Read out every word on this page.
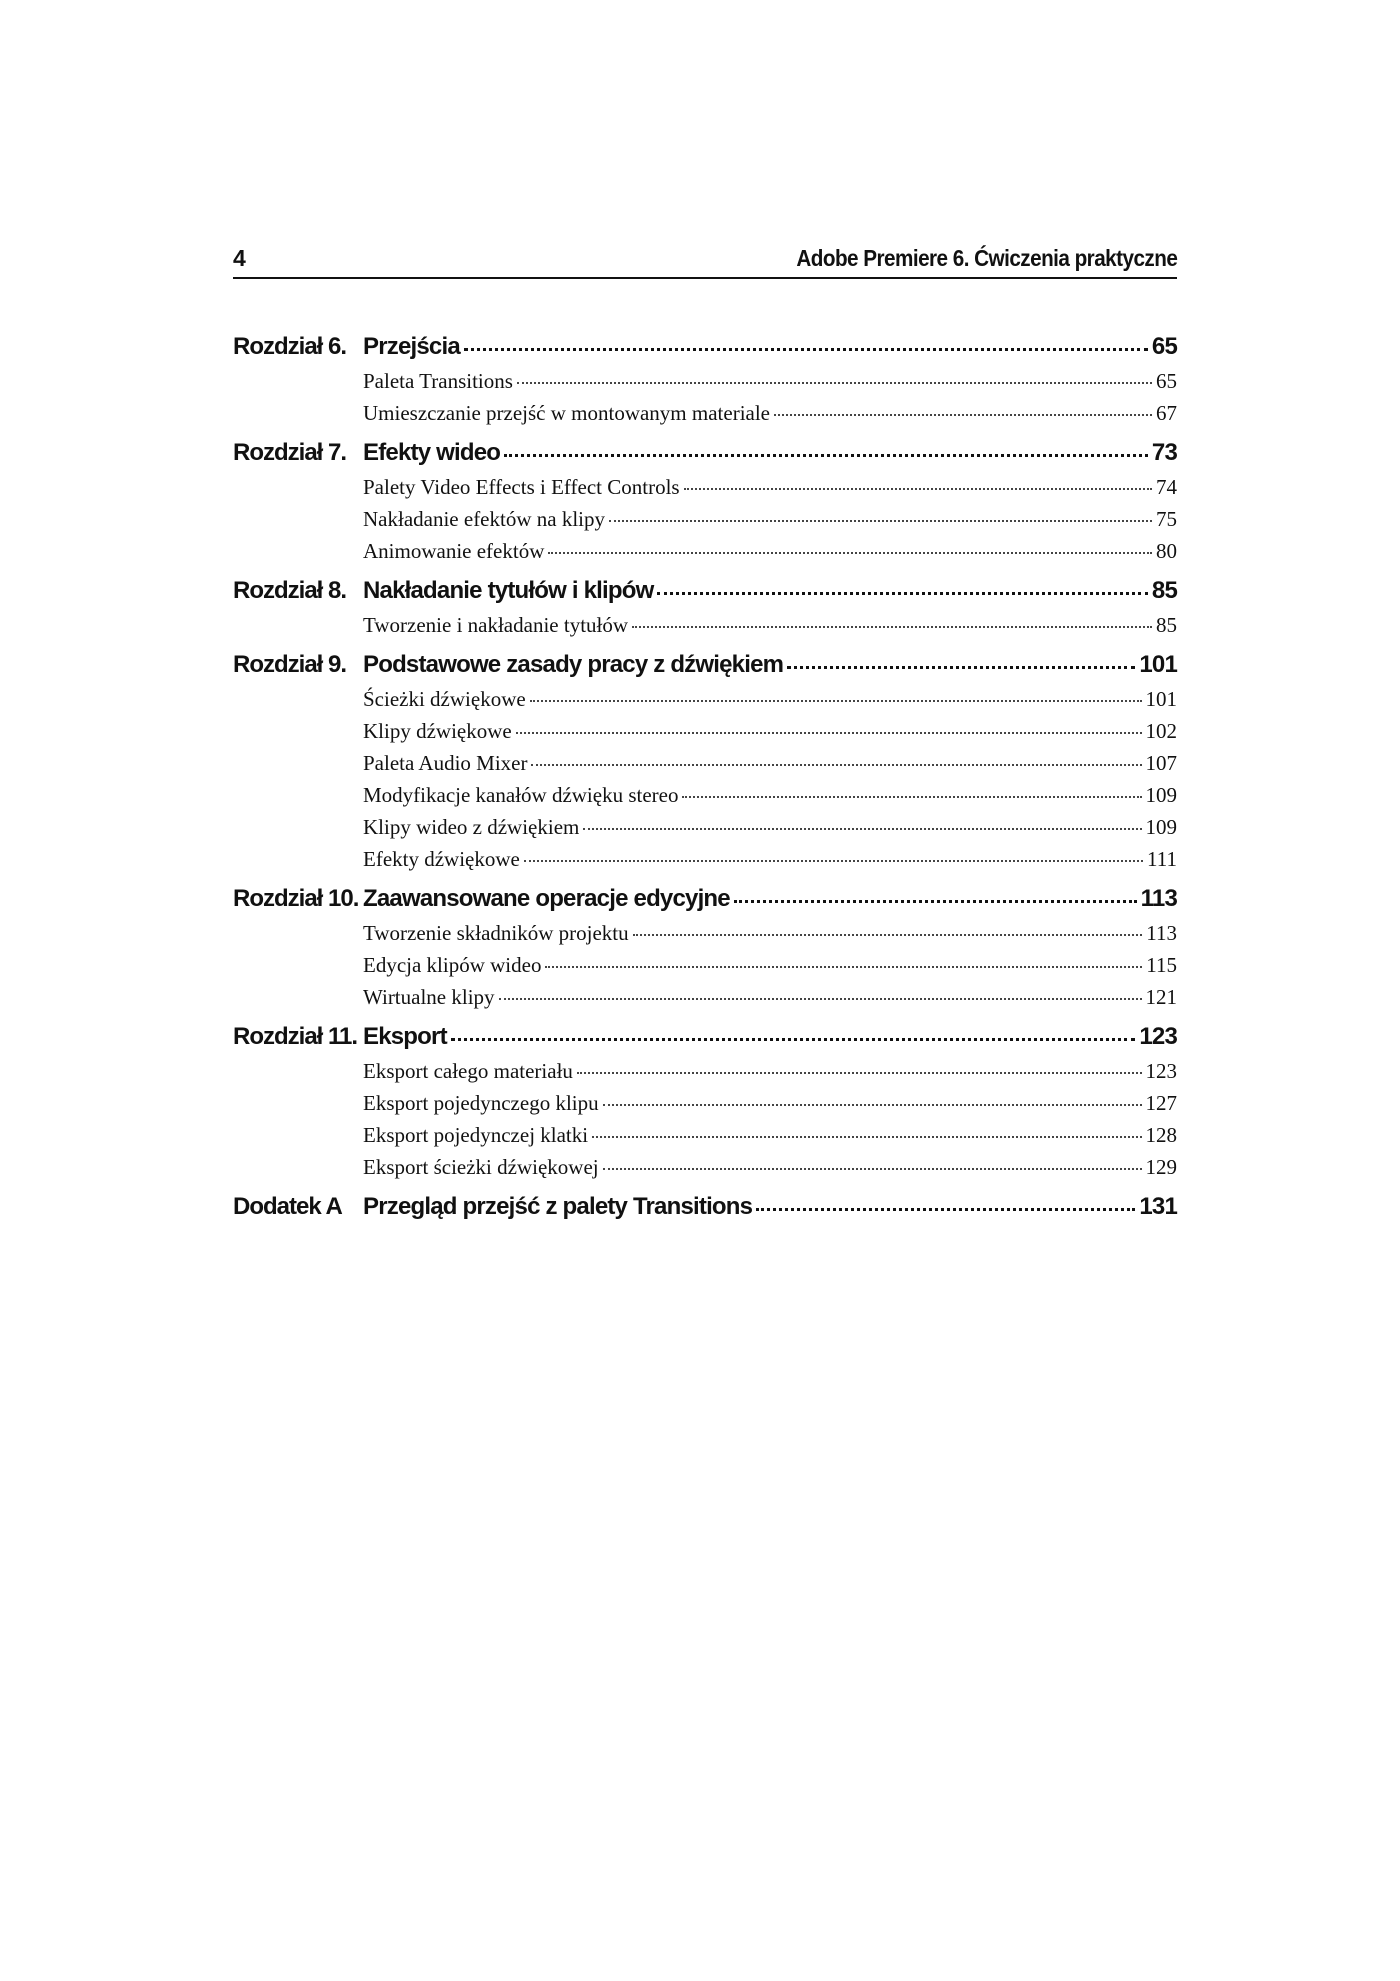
4	Adobe Premiere 6. Ćwiczenia praktyczne
Rozdział 6. Przejścia	65
Paleta Transitions	65
Umieszczanie przejść w montowanym materiale	67
Rozdział 7. Efekty wideo	73
Palety Video Effects i Effect Controls	74
Nakładanie efektów na klipy	75
Animowanie efektów	80
Rozdział 8. Nakładanie tytułów i klipów	85
Tworzenie i nakładanie tytułów	85
Rozdział 9. Podstawowe zasady pracy z dźwiękiem	101
Ścieżki dźwiękowe	101
Klipy dźwiękowe	102
Paleta Audio Mixer	107
Modyfikacje kanałów dźwięku stereo	109
Klipy wideo z dźwiękiem	109
Efekty dźwiękowe	111
Rozdział 10. Zaawansowane operacje edycyjne	113
Tworzenie składników projektu	113
Edycja klipów wideo	115
Wirtualne klipy	121
Rozdział 11. Eksport	123
Eksport całego materiału	123
Eksport pojedynczego klipu	127
Eksport pojedynczej klatki	128
Eksport ścieżki dźwiękowej	129
Dodatek A Przegląd przejść z palety Transitions	131
